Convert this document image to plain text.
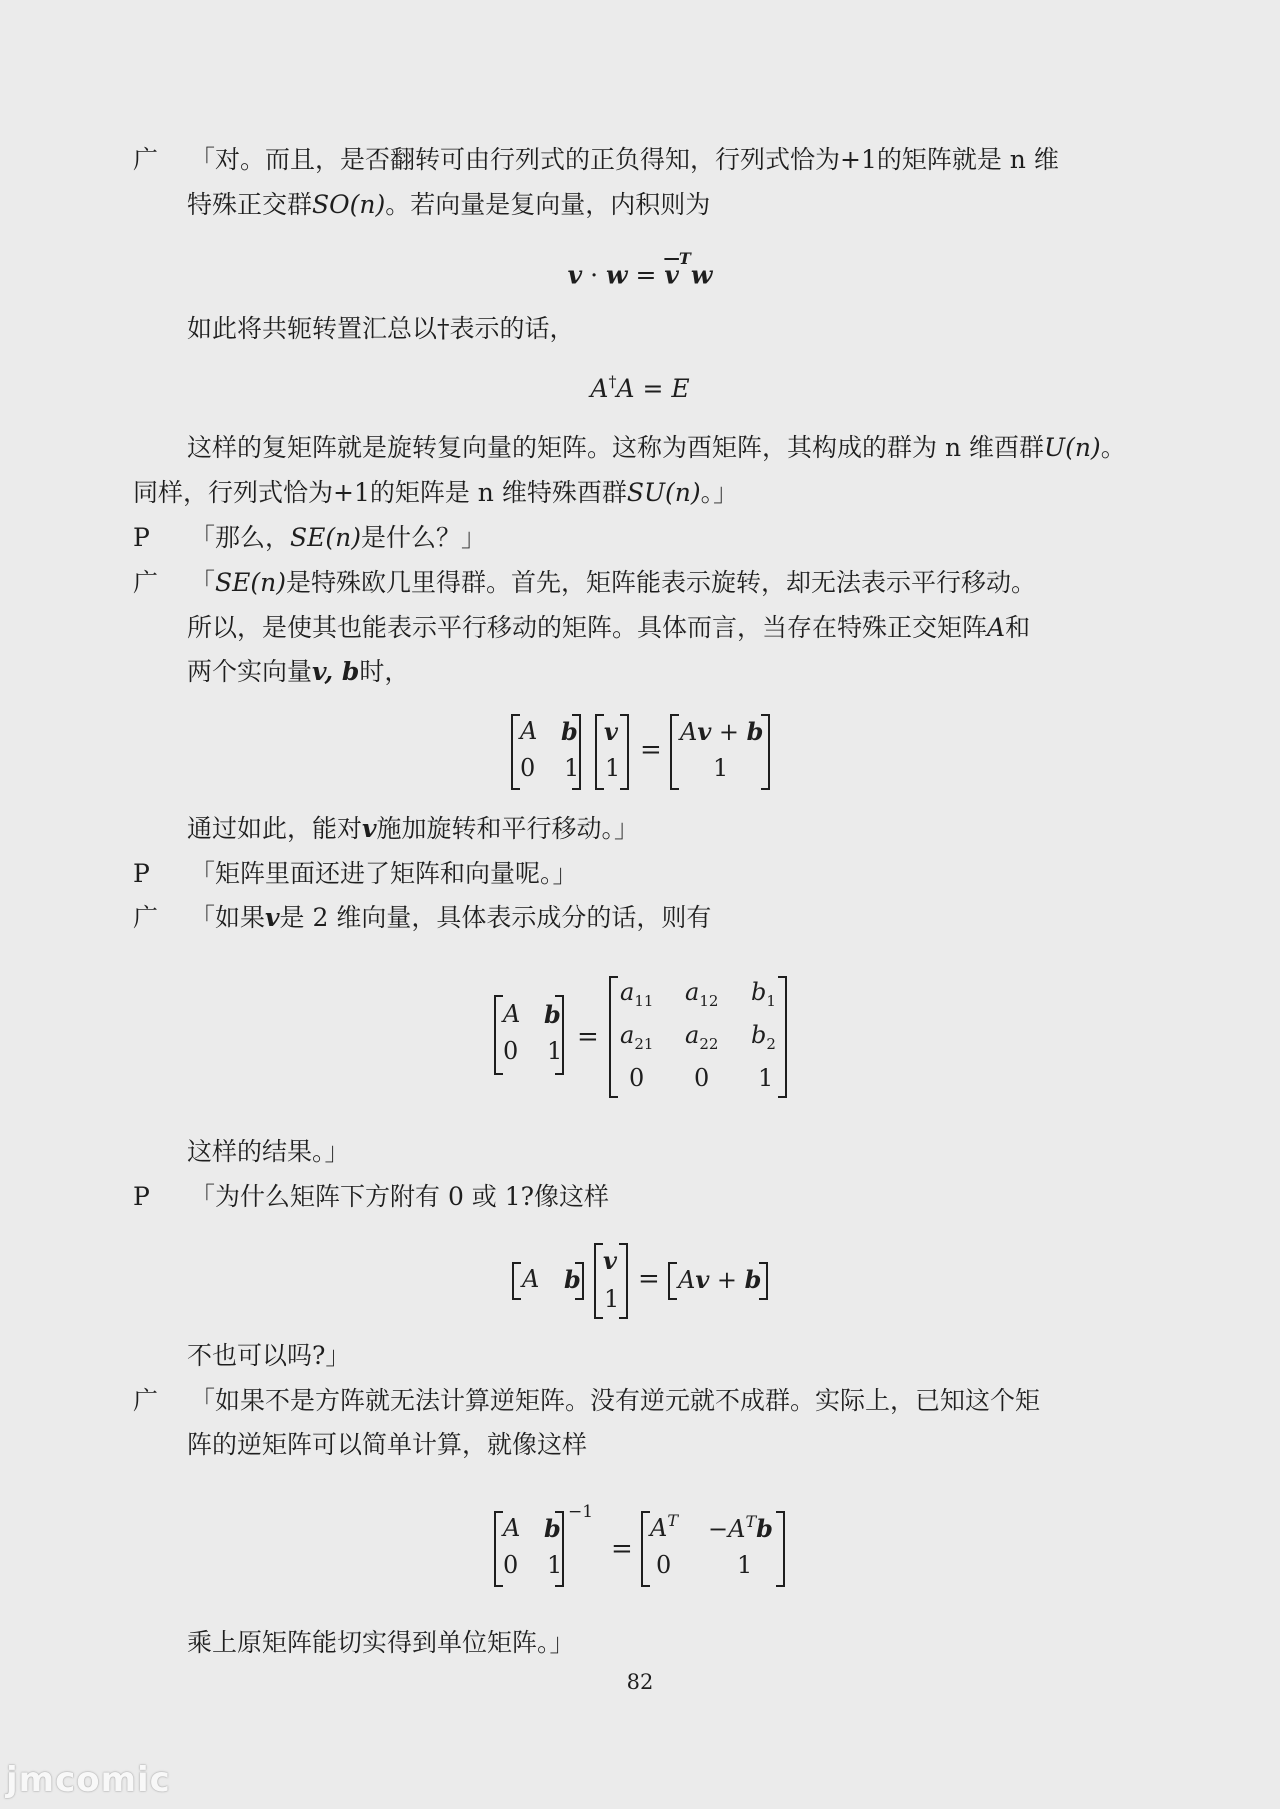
广 「对。而且，是否翻转可由行列式的正负得知，行列式恰为+1的矩阵就是 n 维
特殊正交群SO(n)。若向量是复向量，内积则为
$v \cdot w = \overline{v}^Tw$
如此将共轭转置汇总以†表示的话，
A†A = E
这样的复矩阵就是旋转复向量的矩阵。这称为酉矩阵，其构成的群为 n 维酉群U(n)。
同样，行列式恰为+1的矩阵是 n 维特殊酉群SU(n)。」
P 「那么，SE(n)是什么？」
广 「SE(n)是特殊欧几里得群。首先，矩阵能表示旋转，却无法表示平行移动。
所以，是使其也能表示平行移动的矩阵。具体而言，当存在特殊正交矩阵A和
两个实向量v, b时，
A b
0 1
v
1
=
Av + b
1
通过如此，能对v施加旋转和平行移动。」
P 「矩阵里面还进了矩阵和向量呢。」
广 「如果v是 2 维向量，具体表示成分的话，则有
A b
0 1 =
$a_{11}$ $a_{12}$ $b_1$
$a_{21}$ $a_{22}$ $b_2$
0 0 1
这样的结果。」
P 「为什么矩阵下方附有 0 或 1?像这样
A b
v
1
= Av + b
不也可以吗?」
广 「如果不是方阵就无法计算逆矩阵。没有逆元就不成群。实际上，已知这个矩
阵的逆矩阵可以简单计算，就像这样
A b
0 1
−1
=
$A^T -A^Tb$
0	1
乘上原矩阵能切实得到单位矩阵。」
82
jmcomic
